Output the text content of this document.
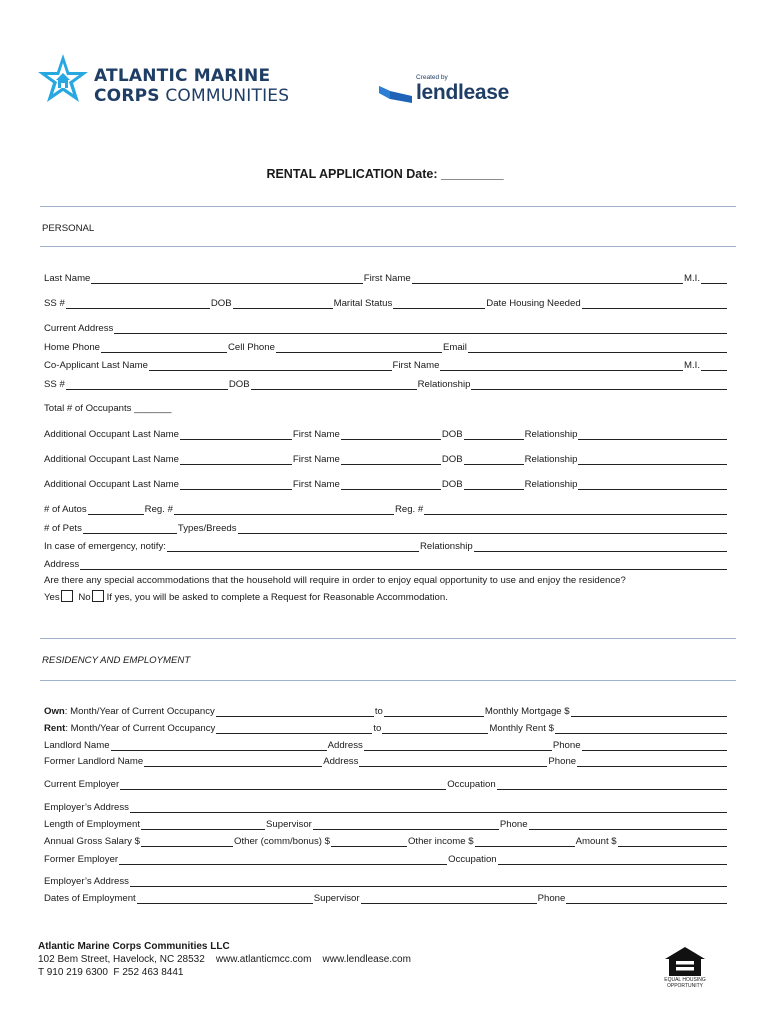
ATLANTIC MARINE
CORPS COMMUNITIES
Created by
lendlease
RENTAL APPLICATION Date: _________
PERSONAL
Last Name	First Name	M.I.
SS #	DOB	Marital Status	Date Housing Needed
Current Address
Home Phone	Cell Phone	Email
Co-Applicant Last Name	First Name	M.I.
SS #	DOB	Relationship
Total # of Occupants _______
Additional Occupant Last Name	First Name	DOB	Relationship
Additional Occupant Last Name	First Name	DOB	Relationship
Additional Occupant Last Name	First Name	DOB	Relationship
# of Autos	Reg. #	Reg. #
# of Pets	Types/Breeds
In case of emergency, notify:	Relationship
Address
Are there any special accommodations that the household will require in order to enjoy equal opportunity to use and enjoy the residence?
Yes No If yes, you will be asked to complete a Request for Reasonable Accommodation.
RESIDENCY AND EMPLOYMENT
Own: Month/Year of Current Occupancy	to	Monthly Mortgage $
Rent: Month/Year of Current Occupancy	to	Monthly Rent $
Landlord Name	Address	Phone
Former Landlord Name	Address	Phone
Current Employer	Occupation
Employer’s Address
Length of Employment	Supervisor	Phone
Annual Gross Salary $	Other (comm/bonus) $	Other income $	Amount $
Former Employer	Occupation
Employer’s Address
Dates of Employment	Supervisor	Phone
Atlantic Marine Corps Communities LLC
102 Bem Street, Havelock, NC 28532    www.atlanticmcc.com    www.lendlease.com
T 910 219 6300  F 252 463 8441
EQUAL HOUSING
OPPORTUNITY
